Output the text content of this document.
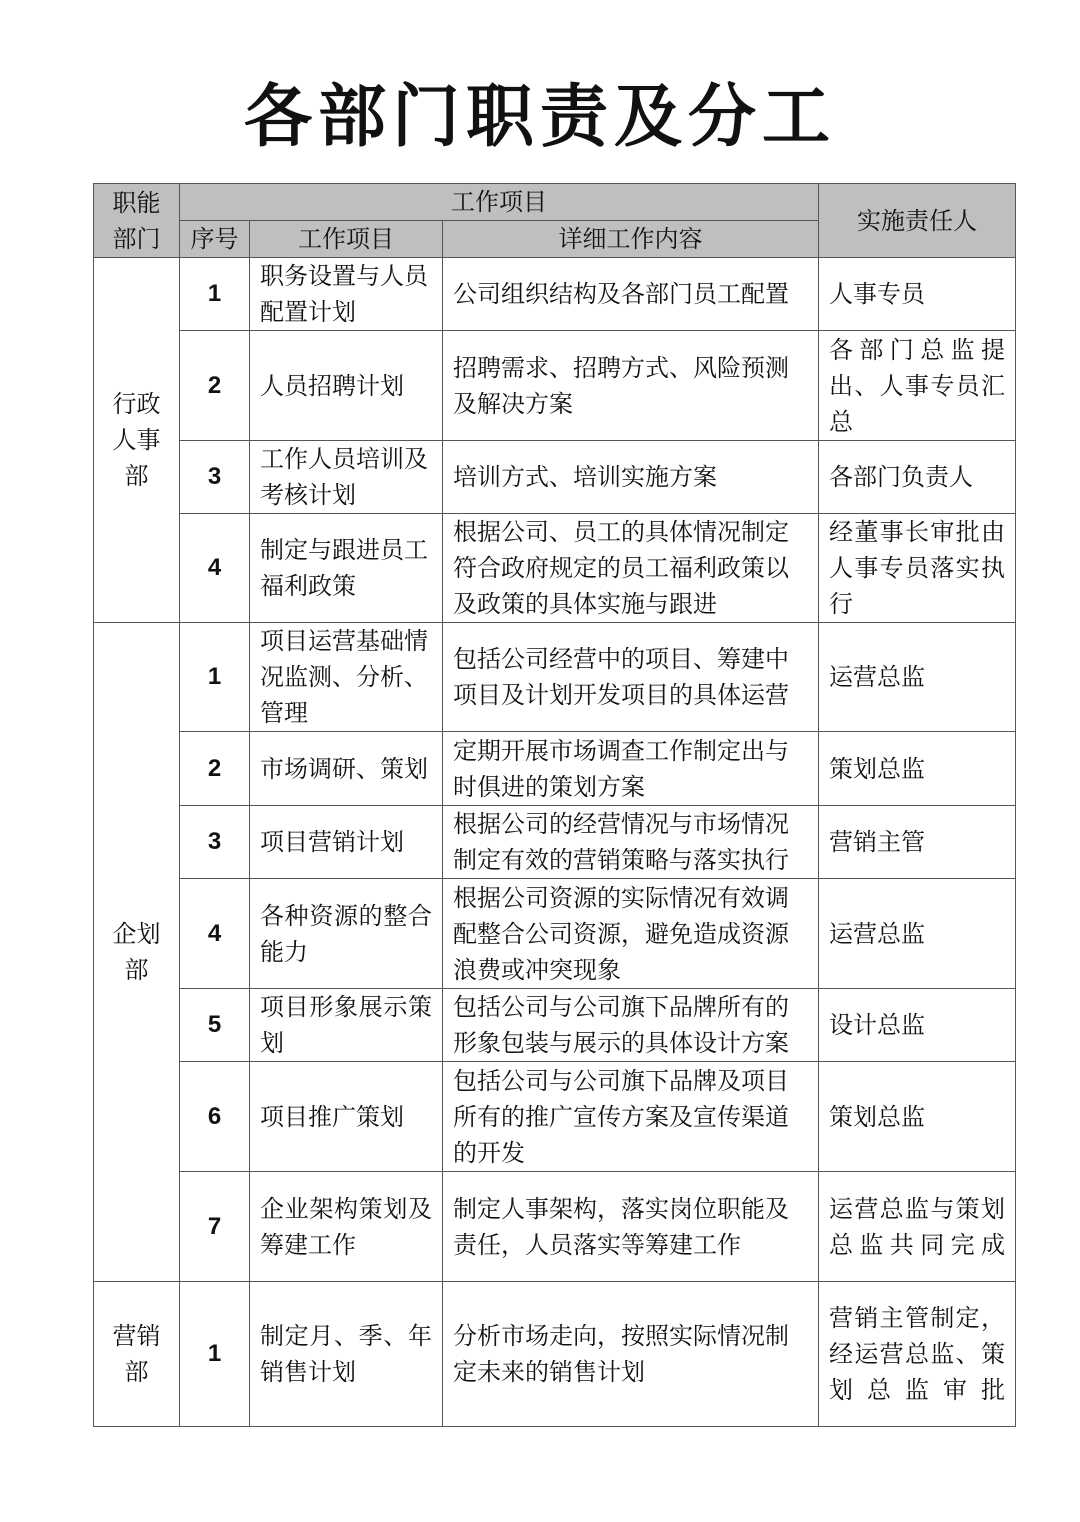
各部门职责及分工
职能部门	工作项目			实施责任人
	序号	工作项目	详细工作内容	
行政人事部	1	职务设置与人员配置计划	公司组织结构及各部门员工配置	人事专员
	2	人员招聘计划	招聘需求、招聘方式、风险预测及解决方案	各部门总监提出、人事专员汇总
	3	工作人员培训及考核计划	培训方式、培训实施方案	各部门负责人
	4	制定与跟进员工福利政策	根据公司、员工的具体情况制定符合政府规定的员工福利政策以及政策的具体实施与跟进	经董事长审批由人事专员落实执行
企划部	1	项目运营基础情况监测、分析、管理	包括公司经营中的项目、筹建中项目及计划开发项目的具体运营	运营总监
	2	市场调研、策划	定期开展市场调查工作制定出与时俱进的策划方案	策划总监
	3	项目营销计划	根据公司的经营情况与市场情况制定有效的营销策略与落实执行	营销主管
	4	各种资源的整合能力	根据公司资源的实际情况有效调配整合公司资源，避免造成资源浪费或冲突现象	运营总监
	5	项目形象展示策划	包括公司与公司旗下品牌所有的形象包装与展示的具体设计方案	设计总监
	6	项目推广策划	包括公司与公司旗下品牌及项目所有的推广宣传方案及宣传渠道的开发	策划总监
	7	企业架构策划及筹建工作	制定人事架构，落实岗位职能及责任，人员落实等筹建工作	运营总监与策划总监共同完成
营销部	1	制定月、季、年销售计划	分析市场走向，按照实际情况制定未来的销售计划	营销主管制定，经运营总监、策划总监审批
